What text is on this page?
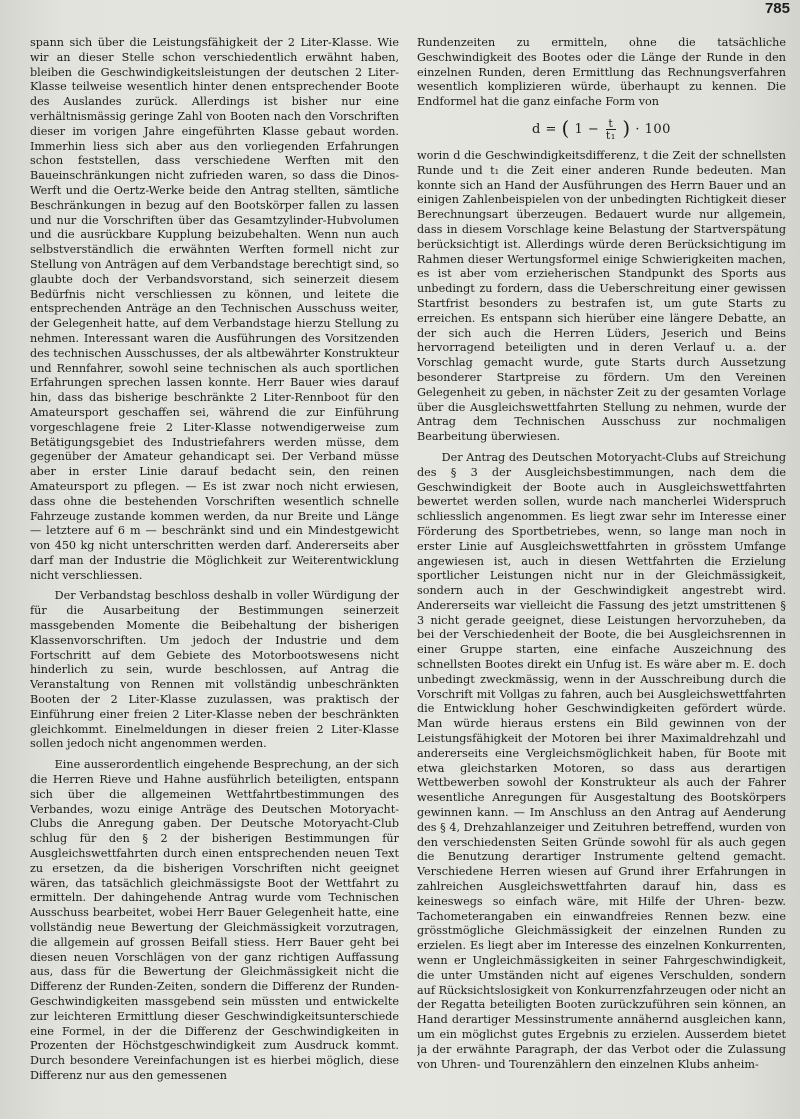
785

spann sich über die Leistungsfähigkeit der 2 Liter-Klasse. Wie wir an dieser Stelle schon verschiedentlich erwähnt haben, bleiben die Geschwindigkeitsleistungen der deutschen 2 Liter-Klasse teilweise wesentlich hinter denen entsprechender Boote des Auslandes zurück. Allerdings ist bisher nur eine verhältnismässig geringe Zahl von Booten nach den Vorschriften dieser im vorigen Jahre eingeführten Klasse gebaut worden. Immerhin liess sich aber aus den vorliegenden Erfahrungen schon feststellen, dass verschiedene Werften mit den Baueinschränkungen nicht zufrieden waren, so dass die Dinos-Werft und die Oertz-Werke beide den Antrag stellten, sämtliche Beschränkungen in bezug auf den Bootskörper fallen zu lassen und nur die Vorschriften über das Gesamtzylinder-Hubvolumen und die ausrückbare Kupplung beizubehalten. Wenn nun auch selbstverständlich die erwähnten Werften formell nicht zur Stellung von Anträgen auf dem Verbandstage berechtigt sind, so glaubte doch der Verbandsvorstand, sich seinerzeit diesem Bedürfnis nicht verschliessen zu können, und leitete die entsprechenden Anträge an den Technischen Ausschuss weiter, der Gelegenheit hatte, auf dem Verbandstage hierzu Stellung zu nehmen. Interessant waren die Ausführungen des Vorsitzenden des technischen Ausschusses, der als altbewährter Konstrukteur und Rennfahrer, sowohl seine technischen als auch sportlichen Erfahrungen sprechen lassen konnte. Herr Bauer wies darauf hin, dass das bisherige beschränkte 2 Liter-Rennboot für den Amateursport geschaffen sei, während die zur Einführung vorgeschlagene freie 2 Liter-Klasse notwendigerweise zum Betätigungsgebiet des Industriefahrers werden müsse, dem gegenüber der Amateur gehandicapt sei. Der Verband müsse aber in erster Linie darauf bedacht sein, den reinen Amateursport zu pflegen. — Es ist zwar noch nicht erwiesen, dass ohne die bestehenden Vorschriften wesentlich schnelle Fahrzeuge zustande kommen werden, da nur Breite und Länge — letztere auf 6 m — beschränkt sind und ein Mindestgewicht von 450 kg nicht unterschritten werden darf. Andererseits aber darf man der Industrie die Möglichkeit zur Weiterentwicklung nicht verschliessen.

Der Verbandstag beschloss deshalb in voller Würdigung der für die Ausarbeitung der Bestimmungen seinerzeit massgebenden Momente die Beibehaltung der bisherigen Klassenvorschriften. Um jedoch der Industrie und dem Fortschritt auf dem Gebiete des Motorbootswesens nicht hinderlich zu sein, wurde beschlossen, auf Antrag die Veranstaltung von Rennen mit vollständig unbeschränkten Booten der 2 Liter-Klasse zuzulassen, was praktisch der Einführung einer freien 2 Liter-Klasse neben der beschränkten gleichkommt. Einelmeldungen in dieser freien 2 Liter-Klasse sollen jedoch nicht angenommen werden.

Eine ausserordentlich eingehende Besprechung, an der sich die Herren Rieve und Hahne ausführlich beteiligten, entspann sich über die allgemeinen Wettfahrtbestimmungen des Verbandes, wozu einige Anträge des Deutschen Motoryacht-Clubs die Anregung gaben. Der Deutsche Motoryacht-Club schlug für den § 2 der bisherigen Bestimmungen für Ausgleichswettfahrten durch einen entsprechenden neuen Text zu ersetzen, da die bisherigen Vorschriften nicht geeignet wären, das tatsächlich gleichmässigste Boot der Wettfahrt zu ermitteln. Der dahingehende Antrag wurde vom Technischen Ausschuss bearbeitet, wobei Herr Bauer Gelegenheit hatte, eine vollständig neue Bewertung der Gleichmässigkeit vorzutragen, die allgemein auf grossen Beifall stiess. Herr Bauer geht bei diesen neuen Vorschlägen von der ganz richtigen Auffassung aus, dass für die Bewertung der Gleichmässigkeit nicht die Differenz der Runden-Zeiten, sondern die Differenz der Runden-Geschwindigkeiten massgebend sein müssten und entwickelte zur leichteren Ermittlung dieser Geschwindigkeitsunterschiede eine Formel, in der die Differenz der Geschwindigkeiten in Prozenten der Höchstgeschwindigkeit zum Ausdruck kommt. Durch besondere Vereinfachungen ist es hierbei möglich, diese Differenz nur aus den gemessenen

Rundenzeiten zu ermitteln, ohne die tatsächliche Geschwindigkeit des Bootes oder die Länge der Runde in den einzelnen Runden, deren Ermittlung das Rechnungsverfahren wesentlich komplizieren würde, überhaupt zu kennen. Die Endformel hat die ganz einfache Form von

d = ( $1 - \frac{t}{\text{t₁}}$ ) · 100

worin d die Geschwindigkeitsdifferenz, t die Zeit der schnellsten Runde und t₁ die Zeit einer anderen Runde bedeuten. Man konnte sich an Hand der Ausführungen des Herrn Bauer und an einigen Zahlenbeispielen von der unbedingten Richtigkeit dieser Berechnungsart überzeugen. Bedauert wurde nur allgemein, dass in diesem Vorschlage keine Belastung der Startverspätung berücksichtigt ist. Allerdings würde deren Berücksichtigung im Rahmen dieser Wertungsformel einige Schwierigkeiten machen, es ist aber vom erzieherischen Standpunkt des Sports aus unbedingt zu fordern, dass die Ueberschreitung einer gewissen Startfrist besonders zu bestrafen ist, um gute Starts zu erreichen. Es entspann sich hierüber eine längere Debatte, an der sich auch die Herren Lüders, Jeserich und Beins hervorragend beteiligten und in deren Verlauf u. a. der Vorschlag gemacht wurde, gute Starts durch Aussetzung besonderer Startpreise zu fördern. Um den Vereinen Gelegenheit zu geben, in nächster Zeit zu der gesamten Vorlage über die Ausgleichswettfahrten Stellung zu nehmen, wurde der Antrag dem Technischen Ausschuss zur nochmaligen Bearbeitung überwiesen.

Der Antrag des Deutschen Motoryacht-Clubs auf Streichung des § 3 der Ausgleichsbestimmungen, nach dem die Geschwindigkeit der Boote auch in Ausgleichswettfahrten bewertet werden sollen, wurde nach mancherlei Widerspruch schliesslich angenommen. Es liegt zwar sehr im Interesse einer Förderung des Sportbetriebes, wenn, so lange man noch in erster Linie auf Ausgleichswettfahrten in grösstem Umfange angewiesen ist, auch in diesen Wettfahrten die Erzielung sportlicher Leistungen nicht nur in der Gleichmässigkeit, sondern auch in der Geschwindigkeit angestrebt wird. Andererseits war vielleicht die Fassung des jetzt umstrittenen § 3 nicht gerade geeignet, diese Leistungen hervorzuheben, da bei der Verschiedenheit der Boote, die bei Ausgleichsrennen in einer Gruppe starten, eine einfache Auszeichnung des schnellsten Bootes direkt ein Unfug ist. Es wäre aber m. E. doch unbedingt zweckmässig, wenn in der Ausschreibung durch die Vorschrift mit Vollgas zu fahren, auch bei Ausgleichswettfahrten die Entwicklung hoher Geschwindigkeiten gefördert würde. Man würde hieraus erstens ein Bild gewinnen von der Leistungsfähigkeit der Motoren bei ihrer Maximaldrehzahl und andererseits eine Vergleichsmöglichkeit haben, für Boote mit etwa gleichstarken Motoren, so dass aus derartigen Wettbewerben sowohl der Konstrukteur als auch der Fahrer wesentliche Anregungen für Ausgestaltung des Bootskörpers gewinnen kann. — Im Anschluss an den Antrag auf Aenderung des § 4, Drehzahlanzeiger und Zeituhren betreffend, wurden von den verschiedensten Seiten Gründe sowohl für als auch gegen die Benutzung derartiger Instrumente geltend gemacht. Verschiedene Herren wiesen auf Grund ihrer Erfahrungen in zahlreichen Ausgleichswettfahrten darauf hin, dass es keineswegs so einfach wäre, mit Hilfe der Uhren- bezw. Tachometerangaben ein einwandfreies Rennen bezw. eine grösstmögliche Gleichmässigkeit der einzelnen Runden zu erzielen. Es liegt aber im Interesse des einzelnen Konkurrenten, wenn er Ungleichmässigkeiten in seiner Fahrgeschwindigkeit, die unter Umständen nicht auf eigenes Verschulden, sondern auf Rücksichtslosigkeit von Konkurrenzfahrzeugen oder nicht an der Regatta beteiligten Booten zurückzuführen sein können, an Hand derartiger Messinstrumente annähernd ausgleichen kann, um ein möglichst gutes Ergebnis zu erzielen. Ausserdem bietet ja der erwähnte Paragraph, der das Verbot oder die Zulassung von Uhren- und Tourenzählern den einzelnen Klubs anheim-
